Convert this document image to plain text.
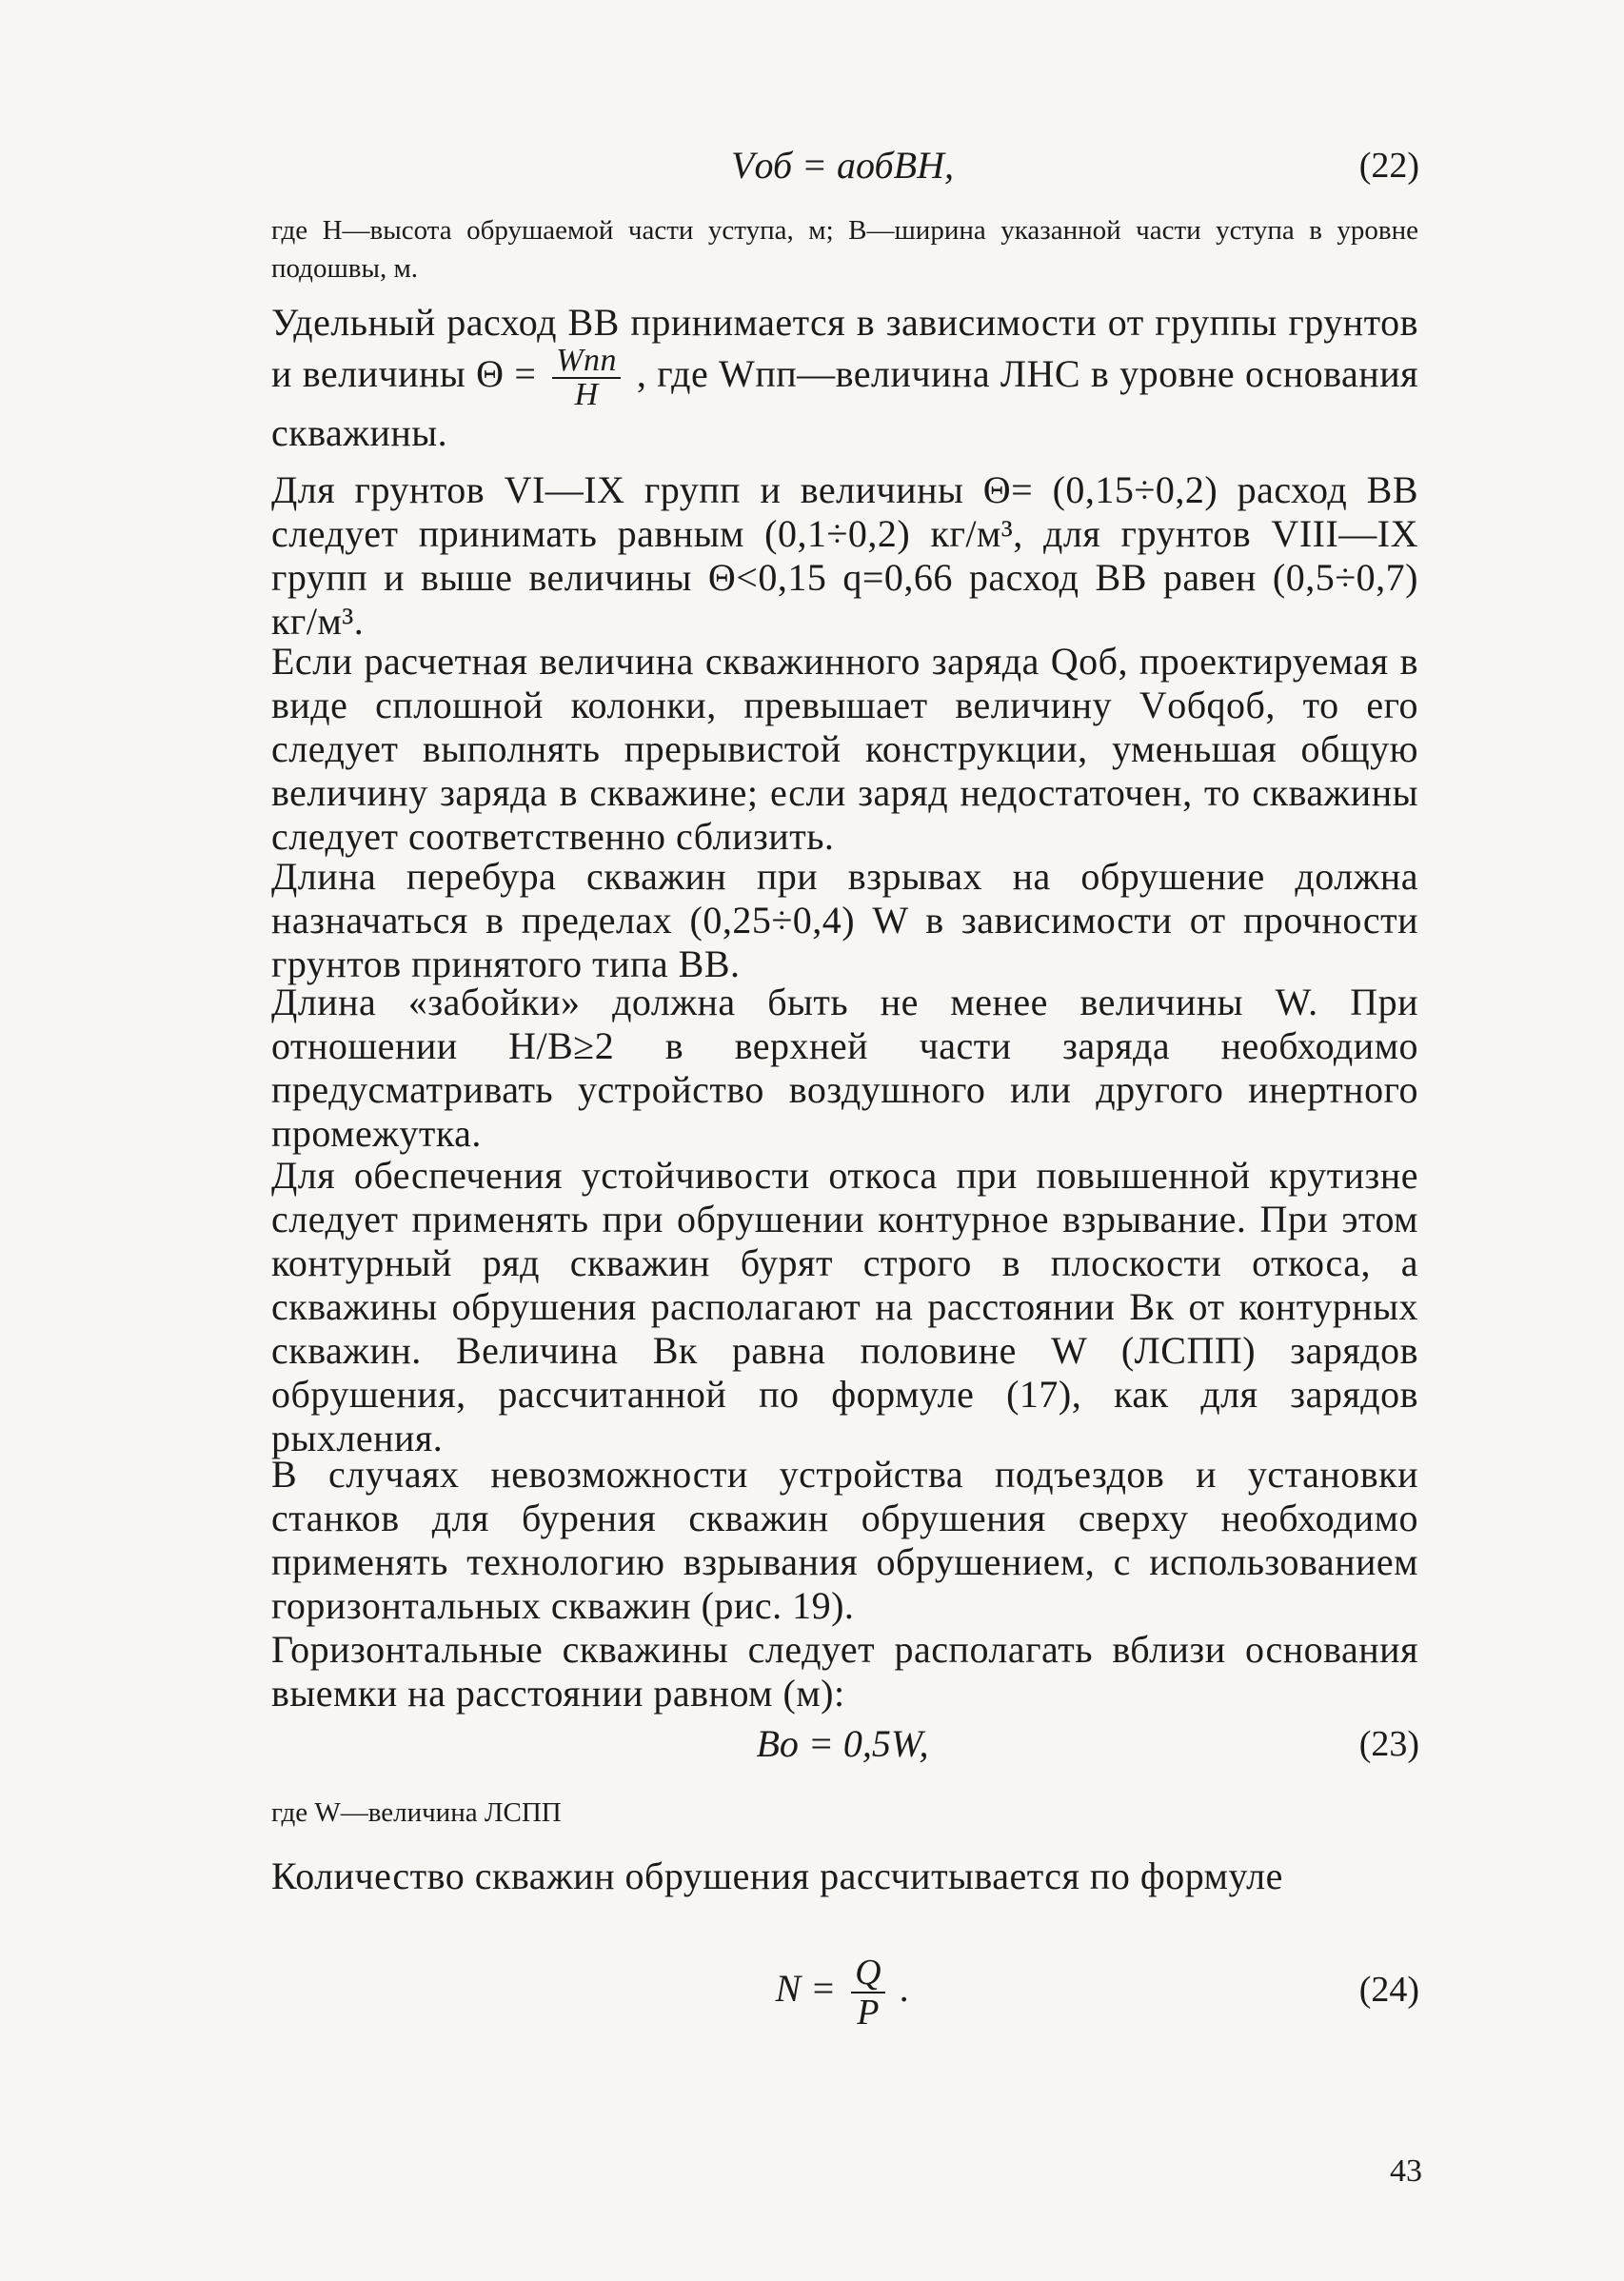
Vоб = aобBH,	(22)
где H—высота обрушаемой части уступа, м; B—ширина указанной части уступа в уровне подошвы, м.
Удельный расход ВВ принимается в зависимости от группы грунтов и величины $\Theta = \frac{\text{Wпп}}{H}$ , где Wпп—величина ЛНС в уровне основания скважины.
Для грунтов VI—IX групп и величины Θ= (0,15÷0,2) расход ВВ следует принимать равным (0,1÷0,2) кг/м³, для грунтов VIII—IX групп и выше величины Θ<0,15 q=0,66 расход ВВ равен (0,5÷0,7) кг/м³.
Если расчетная величина скважинного заряда Qоб, проектируемая в виде сплошной колонки, превышает величину Vобqоб, то его следует выполнять прерывистой конструкции, уменьшая общую величину заряда в скважине; если заряд недостаточен, то скважины следует соответственно сблизить.
Длина перебура скважин при взрывах на обрушение должна назначаться в пределах (0,25÷0,4) W в зависимости от прочности грунтов принятого типа ВВ.
Длина «забойки» должна быть не менее величины W. При отношении H/B≥2 в верхней части заряда необходимо предусматривать устройство воздушного или другого инертного промежутка.
Для обеспечения устойчивости откоса при повышенной крутизне следует применять при обрушении контурное взрывание. При этом контурный ряд скважин бурят строго в плоскости откоса, а скважины обрушения располагают на расстоянии Bк от контурных скважин. Величина Bк равна половине W (ЛСПП) зарядов обрушения, рассчитанной по формуле (17), как для зарядов рыхления.
В случаях невозможности устройства подъездов и установки станков для бурения скважин обрушения сверху необходимо применять технологию взрывания обрушением, с использованием горизонтальных скважин (рис. 19).
Горизонтальные скважины следует располагать вблизи основания выемки на расстоянии равном (м):
Bо = 0,5W,	(23)
где W—величина ЛСПП
Количество скважин обрушения рассчитывается по формуле
$N = \frac{Q}{P}$ .	(24)
43
